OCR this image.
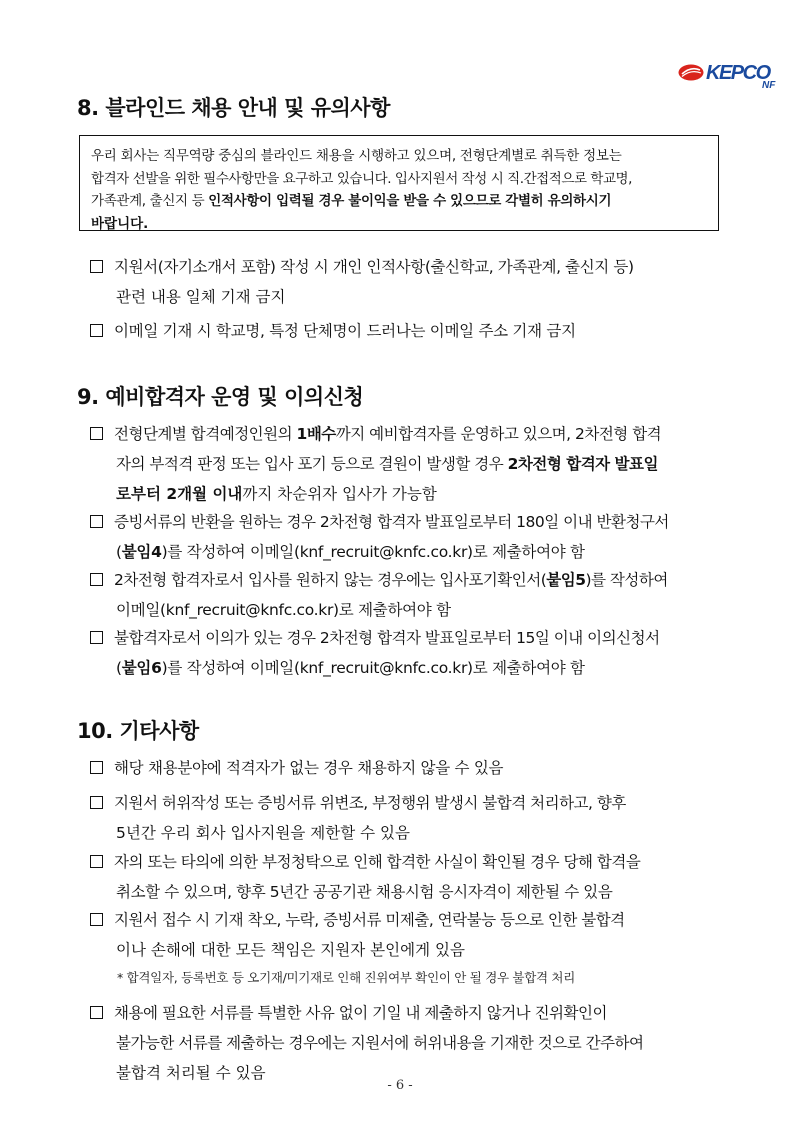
KEPCO
NF
8. 블라인드 채용 안내 및 유의사항
우리 회사는 직무역량 중심의 블라인드 채용을 시행하고 있으며, 전형단계별로 취득한 정보는
합격자 선발을 위한 필수사항만을 요구하고 있습니다. 입사지원서 작성 시 직.간접적으로 학교명,
가족관계, 출신지 등 인적사항이 입력될 경우 불이익을 받을 수 있으므로 각별히 유의하시기
바랍니다.
지원서(자기소개서 포함) 작성 시 개인 인적사항(출신학교, 가족관계, 출신지 등)
관련 내용 일체 기재 금지
이메일 기재 시 학교명, 특정 단체명이 드러나는 이메일 주소 기재 금지
9. 예비합격자 운영 및 이의신청
전형단계별 합격예정인원의 1배수까지 예비합격자를 운영하고 있으며, 2차전형 합격
자의 부적격 판정 또는 입사 포기 등으로 결원이 발생할 경우 2차전형 합격자 발표일
로부터 2개월 이내까지 차순위자 입사가 가능함
증빙서류의 반환을 원하는 경우 2차전형 합격자 발표일로부터 180일 이내 반환청구서
(붙임4)를 작성하여 이메일(knf_recruit@knfc.co.kr)로 제출하여야 함
2차전형 합격자로서 입사를 원하지 않는 경우에는 입사포기확인서(붙임5)를 작성하여
이메일(knf_recruit@knfc.co.kr)로 제출하여야 함
불합격자로서 이의가 있는 경우 2차전형 합격자 발표일로부터 15일 이내 이의신청서
(붙임6)를 작성하여 이메일(knf_recruit@knfc.co.kr)로 제출하여야 함
10. 기타사항
해당 채용분야에 적격자가 없는 경우 채용하지 않을 수 있음
지원서 허위작성 또는 증빙서류 위변조, 부정행위 발생시 불합격 처리하고, 향후
5년간 우리 회사 입사지원을 제한할 수 있음
자의 또는 타의에 의한 부정청탁으로 인해 합격한 사실이 확인될 경우 당해 합격을
취소할 수 있으며, 향후 5년간 공공기관 채용시험 응시자격이 제한될 수 있음
지원서 접수 시 기재 착오, 누락, 증빙서류 미제출, 연락불능 등으로 인한 불합격
이나 손해에 대한 모든 책임은 지원자 본인에게 있음
* 합격일자, 등록번호 등 오기재/미기재로 인해 진위여부 확인이 안 될 경우 불합격 처리
채용에 필요한 서류를 특별한 사유 없이 기일 내 제출하지 않거나 진위확인이
불가능한 서류를 제출하는 경우에는 지원서에 허위내용을 기재한 것으로 간주하여
불합격 처리될 수 있음
- 6 -
